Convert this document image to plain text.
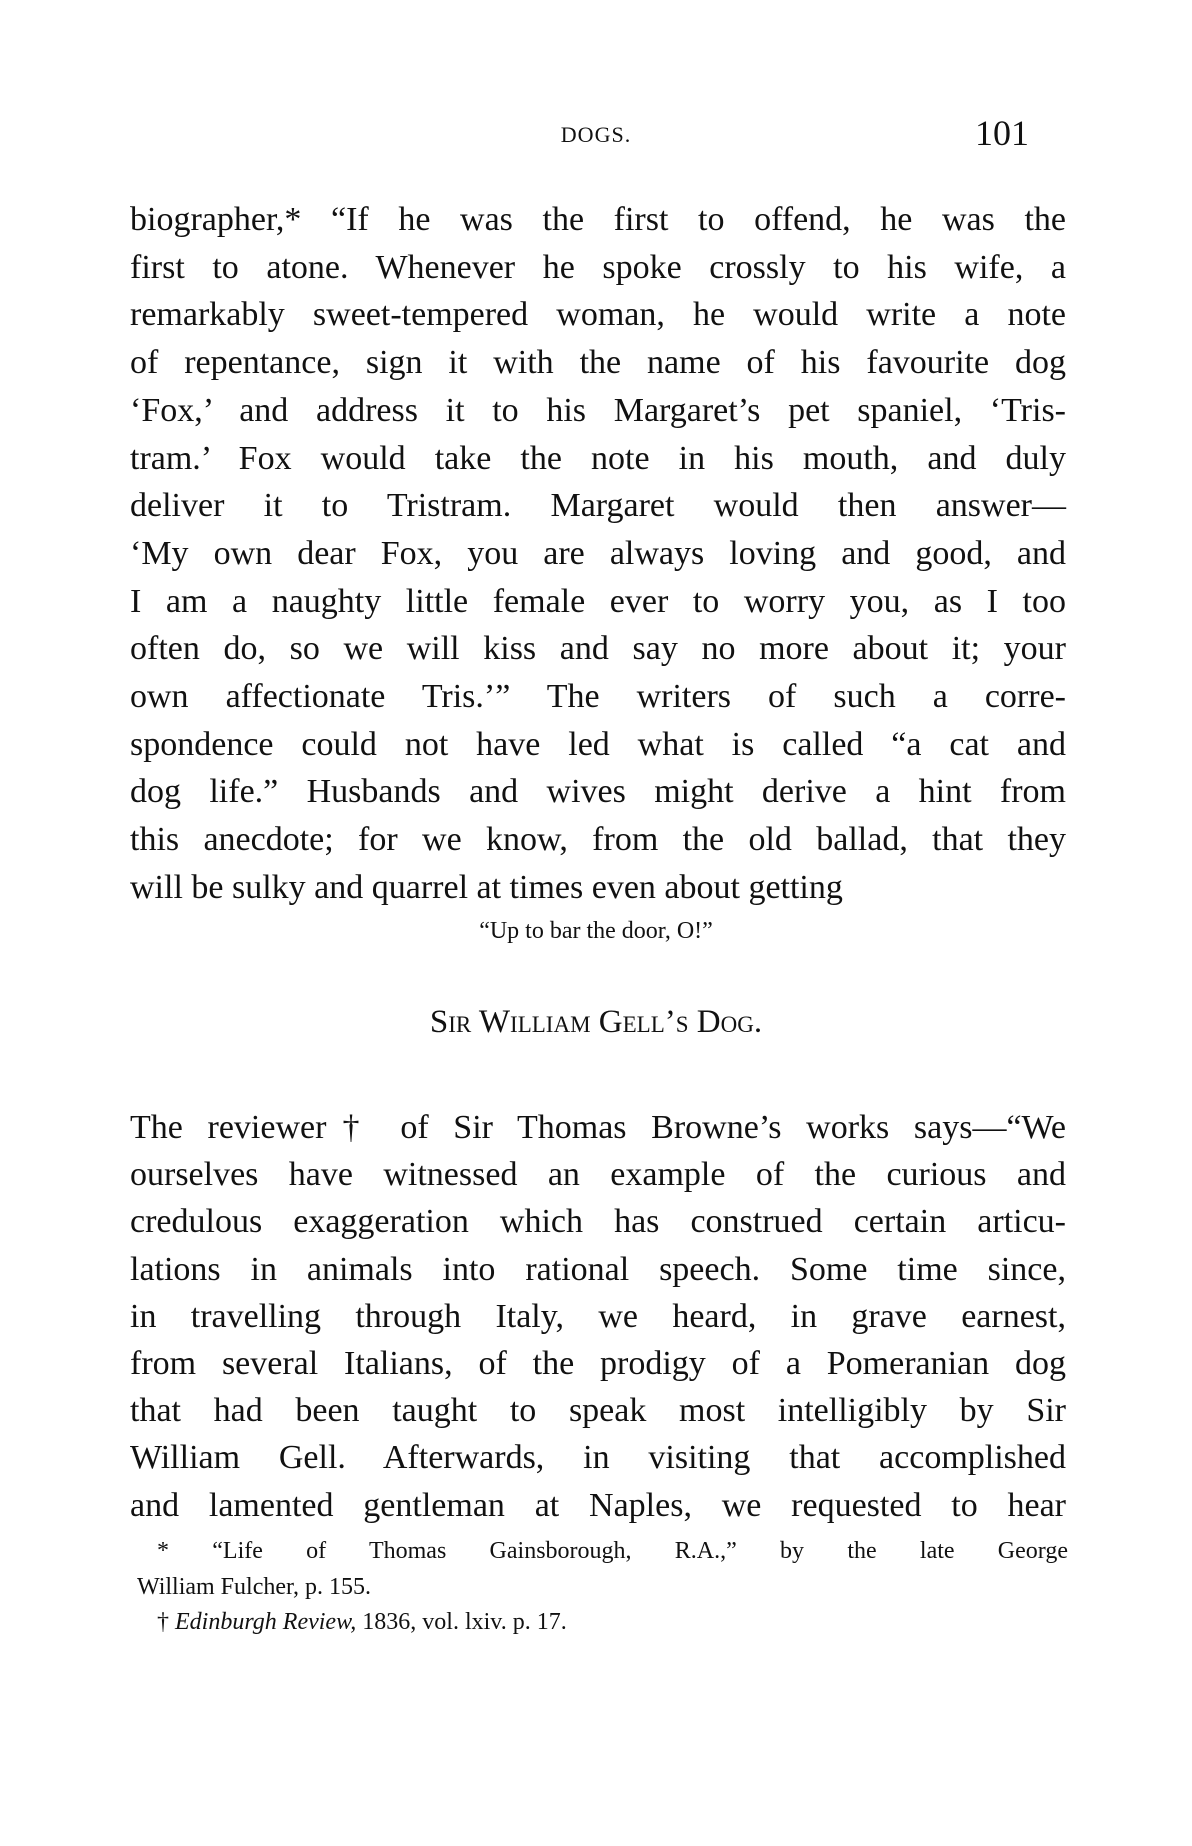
DOGS.	101
biographer,* “If he was the first to offend, he was the
first to atone. Whenever he spoke crossly to his wife, a
remarkably sweet-tempered woman, he would write a note
of repentance, sign it with the name of his favourite dog
‘Fox,’ and address it to his Margaret’s pet spaniel, ‘Tris-
tram.’ Fox would take the note in his mouth, and duly
deliver it to Tristram. Margaret would then answer—
‘My own dear Fox, you are always loving and good, and
I am a naughty little female ever to worry you, as I too
often do, so we will kiss and say no more about it; your
own affectionate Tris.’” The writers of such a corre-
spondence could not have led what is called “a cat and
dog life.” Husbands and wives might derive a hint from
this anecdote; for we know, from the old ballad, that they
will be sulky and quarrel at times even about getting
“Up to bar the door, O!”
Sir William Gell’s Dog.
The reviewer† of Sir Thomas Browne’s works says—“We
ourselves have witnessed an example of the curious and
credulous exaggeration which has construed certain articu-
lations in animals into rational speech. Some time since,
in travelling through Italy, we heard, in grave earnest,
from several Italians, of the prodigy of a Pomeranian dog
that had been taught to speak most intelligibly by Sir
William Gell. Afterwards, in visiting that accomplished
and lamented gentleman at Naples, we requested to hear
* “Life of Thomas Gainsborough, R.A.,” by the late George
William Fulcher, p. 155.
† Edinburgh Review, 1836, vol. lxiv. p. 17.
